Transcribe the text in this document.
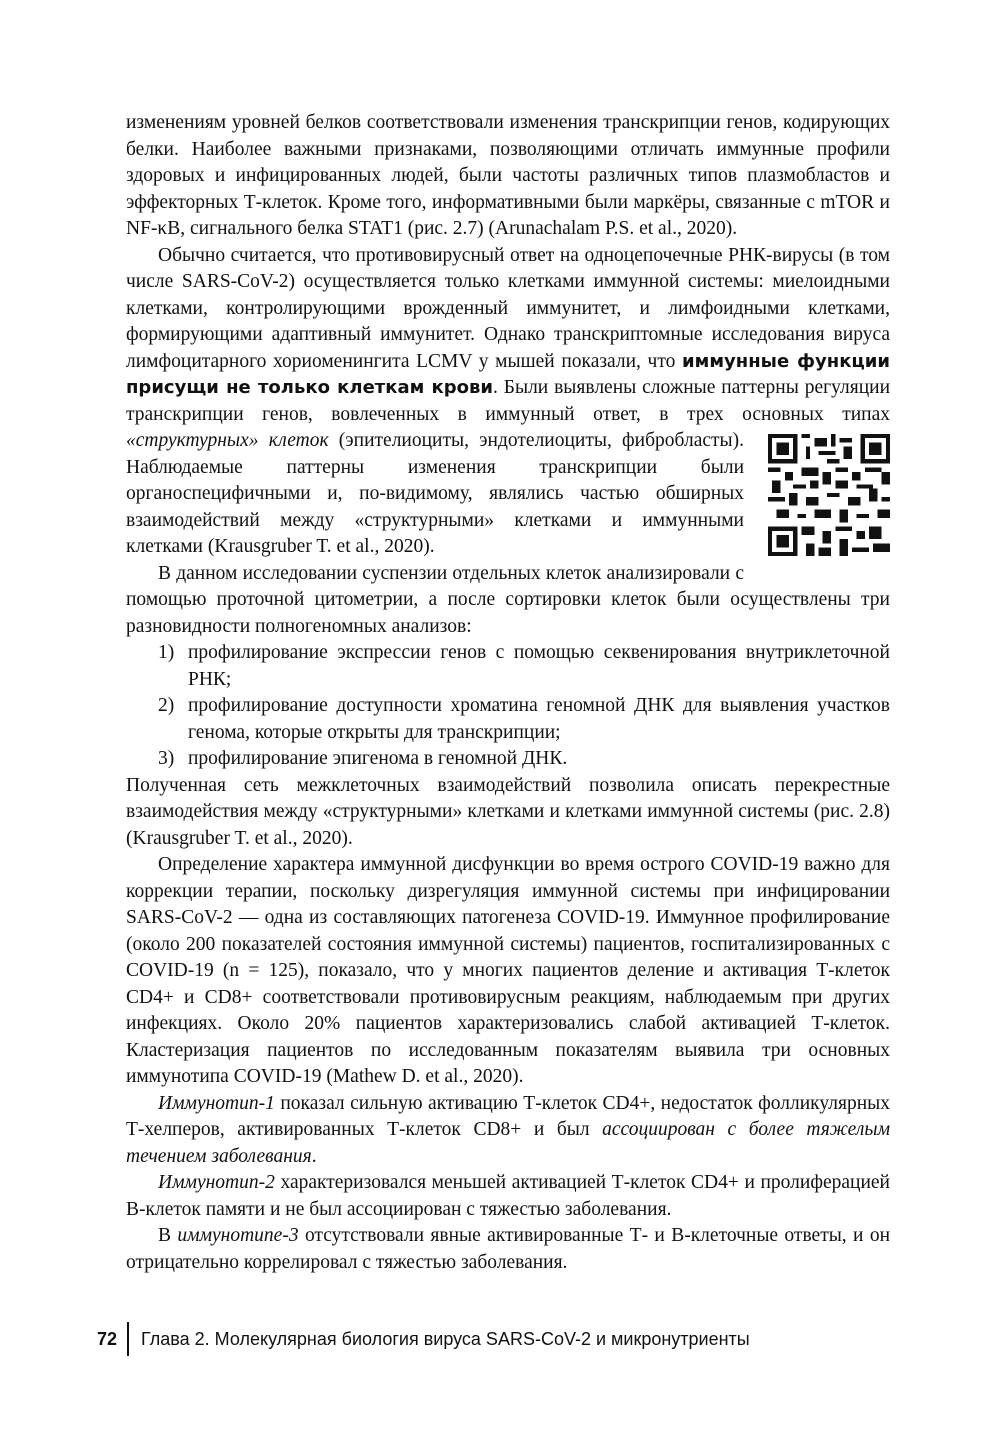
изменениям уровней белков соответствовали изменения транскрипции генов, кодирующих белки. Наиболее важными признаками, позволяющими отличать иммунные профили здоровых и инфицированных людей, были частоты различных типов плазмобластов и эффекторных Т-клеток. Кроме того, информативными были маркёры, связанные с mTOR и NF-κB, сигнального белка STAT1 (рис. 2.7) (Arunachalam P.S. et al., 2020).

Обычно считается, что противовирусный ответ на одноцепочечные РНК-вирусы (в том числе SARS-CoV-2) осуществляется только клетками иммунной системы: миелоидными клетками, контролирующими врожденный иммунитет, и лимфоидными клетками, формирующими адаптивный иммунитет. Однако транскриптомные исследования вируса лимфоцитарного хориоменингита LCMV у мышей показали, что иммунные функции присущи не только клеткам крови. Были выявлены сложные паттерны регуляции транскрипции генов, вовлеченных в иммунный ответ, в трех основных типах
«структурных» клеток (эпителиоциты, эндотелиоциты, фибробласты). Наблюдаемые паттерны изменения транскрипции были органоспецифичными и, по-видимому, являлись частью обширных взаимодействий между «структурными» клетками и иммунными клетками (Krausgruber T. et al., 2020).

В данном исследовании суспензии отдельных клеток анализировали с помощью проточной цитометрии, а после сортировки клеток были осуществлены три разновидности полногеномных анализов:

1) профилирование экспрессии генов с помощью секвенирования внутриклеточной РНК;
2) профилирование доступности хроматина геномной ДНК для выявления участков генома, которые открыты для транскрипции;
3) профилирование эпигенома в геномной ДНК.

Полученная сеть межклеточных взаимодействий позволила описать перекрестные взаимодействия между «структурными» клетками и клетками иммунной системы (рис. 2.8) (Krausgruber T. et al., 2020).

Определение характера иммунной дисфункции во время острого COVID-19 важно для коррекции терапии, поскольку дизрегуляция иммунной системы при инфицировании SARS-CoV-2 — одна из составляющих патогенеза COVID-19. Иммунное профилирование (около 200 показателей состояния иммунной системы) пациентов, госпитализированных с COVID-19 (n = 125), показало, что у многих пациентов деление и активация Т-клеток CD4+ и CD8+ соответствовали противовирусным реакциям, наблюдаемым при других инфекциях. Около 20% пациентов характеризовались слабой активацией Т-клеток. Кластеризация пациентов по исследованным показателям выявила три основных иммунотипа COVID-19 (Mathew D. et al., 2020).

Иммунотип-1 показал сильную активацию Т-клеток CD4+, недостаток фолликулярных Т-хелперов, активированных Т-клеток CD8+ и был ассоциирован с более тяжелым течением заболевания.

Иммунотип-2 характеризовался меньшей активацией Т-клеток CD4+ и пролиферацией В-клеток памяти и не был ассоциирован с тяжестью заболевания.

В иммунотипе-3 отсутствовали явные активированные Т- и В-клеточные ответы, и он отрицательно коррелировал с тяжестью заболевания.

72 Глава 2. Молекулярная биология вируса SARS-CoV-2 и микронутриенты
